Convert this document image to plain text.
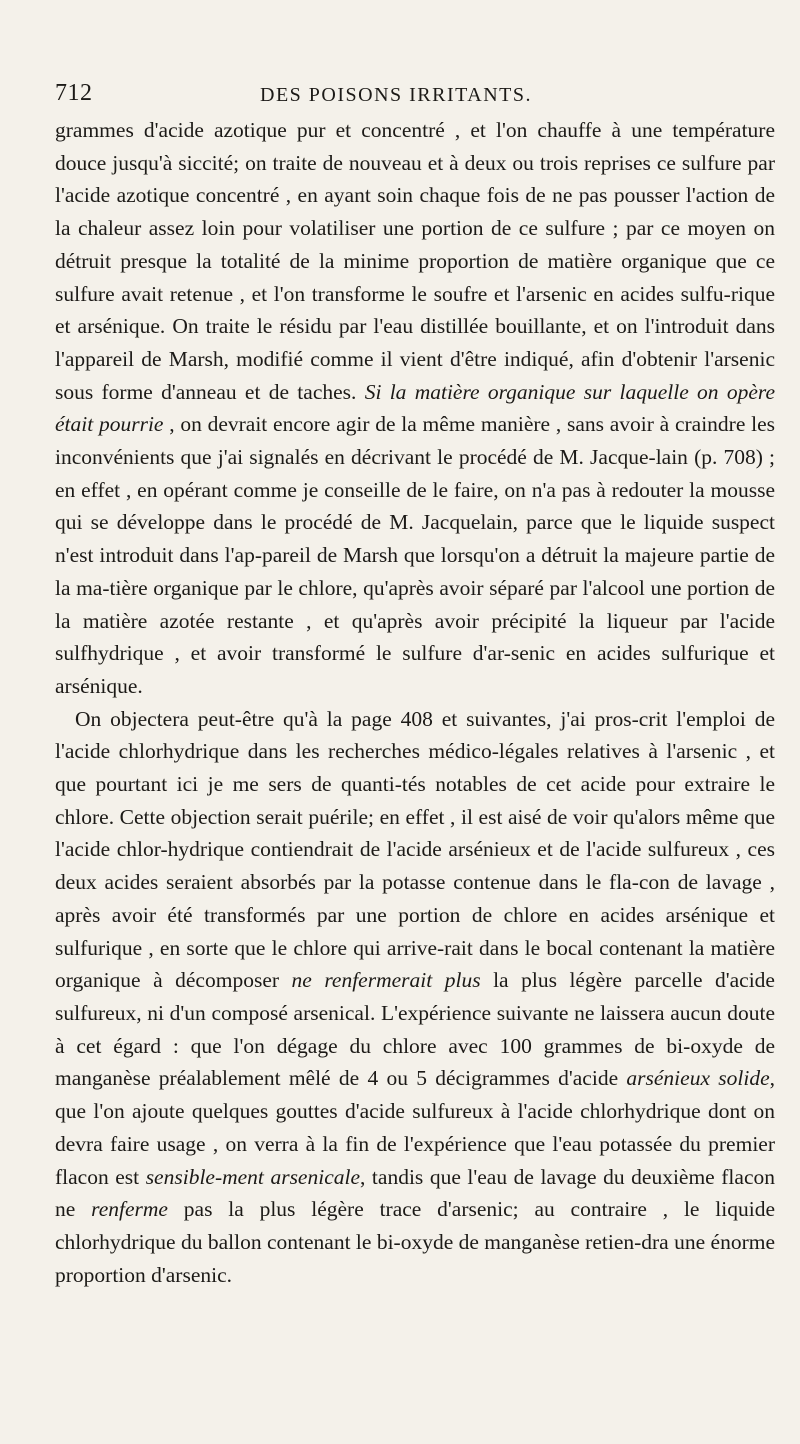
712	DES POISONS IRRITANTS.

grammes d'acide azotique pur et concentré , et l'on chauffe à une température douce jusqu'à siccité; on traite de nouveau et à deux ou trois reprises ce sulfure par l'acide azotique concentré , en ayant soin chaque fois de ne pas pousser l'action de la chaleur assez loin pour volatiliser une portion de ce sulfure ; par ce moyen on détruit presque la totalité de la minime proportion de matière organique que ce sulfure avait retenue , et l'on transforme le soufre et l'arsenic en acides sulfu-rique et arsénique. On traite le résidu par l'eau distillée bouillante, et on l'introduit dans l'appareil de Marsh, modifié comme il vient d'être indiqué, afin d'obtenir l'arsenic sous forme d'anneau et de taches. Si la matière organique sur laquelle on opère était pourrie , on devrait encore agir de la même manière , sans avoir à craindre les inconvénients que j'ai signalés en décrivant le procédé de M. Jacque-lain (p. 708) ; en effet , en opérant comme je conseille de le faire, on n'a pas à redouter la mousse qui se développe dans le procédé de M. Jacquelain, parce que le liquide suspect n'est introduit dans l'ap-pareil de Marsh que lorsqu'on a détruit la majeure partie de la ma-tière organique par le chlore, qu'après avoir séparé par l'alcool une portion de la matière azotée restante , et qu'après avoir précipité la liqueur par l'acide sulfhydrique , et avoir transformé le sulfure d'ar-senic en acides sulfurique et arsénique.

On objectera peut-être qu'à la page 408 et suivantes, j'ai pros-crit l'emploi de l'acide chlorhydrique dans les recherches médico-légales relatives à l'arsenic , et que pourtant ici je me sers de quanti-tés notables de cet acide pour extraire le chlore. Cette objection serait puérile; en effet , il est aisé de voir qu'alors même que l'acide chlor-hydrique contiendrait de l'acide arsénieux et de l'acide sulfureux , ces deux acides seraient absorbés par la potasse contenue dans le fla-con de lavage , après avoir été transformés par une portion de chlore en acides arsénique et sulfurique , en sorte que le chlore qui arrive-rait dans le bocal contenant la matière organique à décomposer ne renfermerait plus la plus légère parcelle d'acide sulfureux, ni d'un composé arsenical. L'expérience suivante ne laissera aucun doute à cet égard : que l'on dégage du chlore avec 100 grammes de bi-oxyde de manganèse préalablement mêlé de 4 ou 5 décigrammes d'acide arsénieux solide, que l'on ajoute quelques gouttes d'acide sulfureux à l'acide chlorhydrique dont on devra faire usage , on verra à la fin de l'expérience que l'eau potassée du premier flacon est sensible-ment arsenicale, tandis que l'eau de lavage du deuxième flacon ne renferme pas la plus légère trace d'arsenic; au contraire , le liquide chlorhydrique du ballon contenant le bi-oxyde de manganèse retien-dra une énorme proportion d'arsenic.
